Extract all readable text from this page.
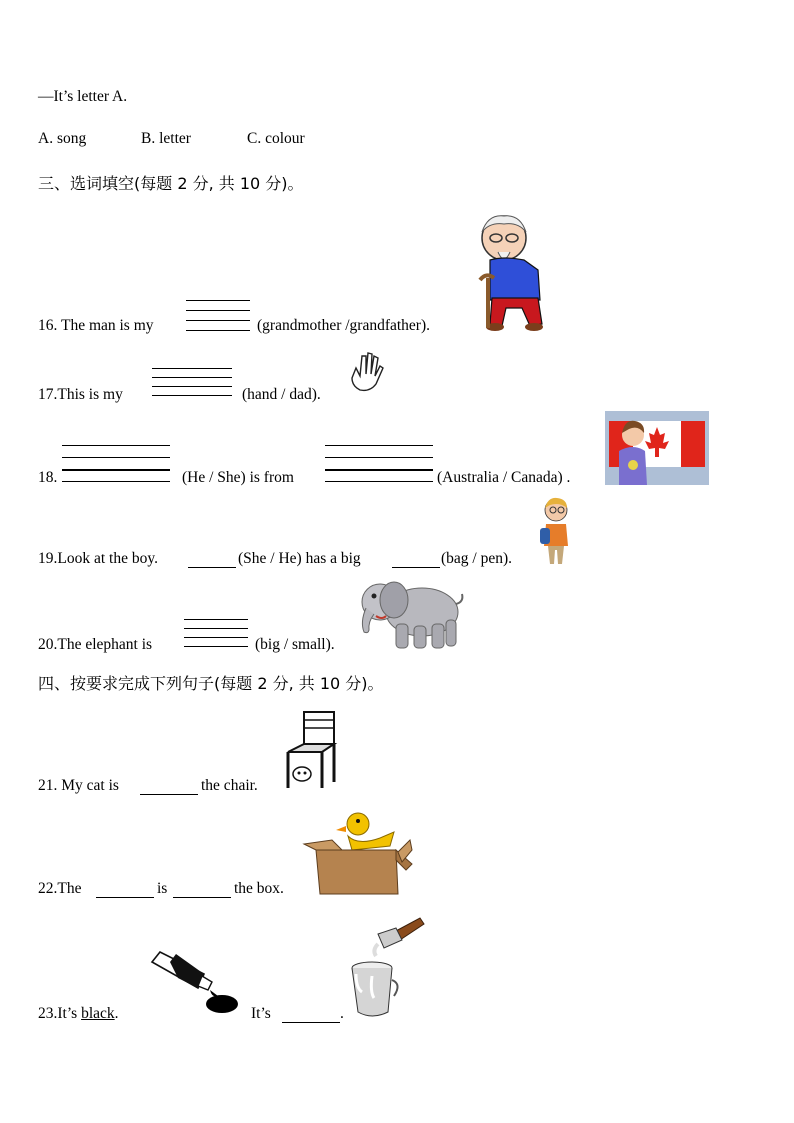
—It’s letter A.
A. song	B. letter	C. colour
三、选词填空(每题 2 分, 共 10 分)。
16. The man is my	(grandmother /grandfather).
17.This is my	(hand / dad).
18.	(He / She) is from	(Australia / Canada) .
19.Look at the boy.	(She / He) has a big	(bag / pen).
20.The elephant is	(big / small).
四、按要求完成下列句子(每题 2 分, 共 10 分)。
21. My cat is	the chair.
22.The	is	the box.
23.It’s black.	It’s	.
